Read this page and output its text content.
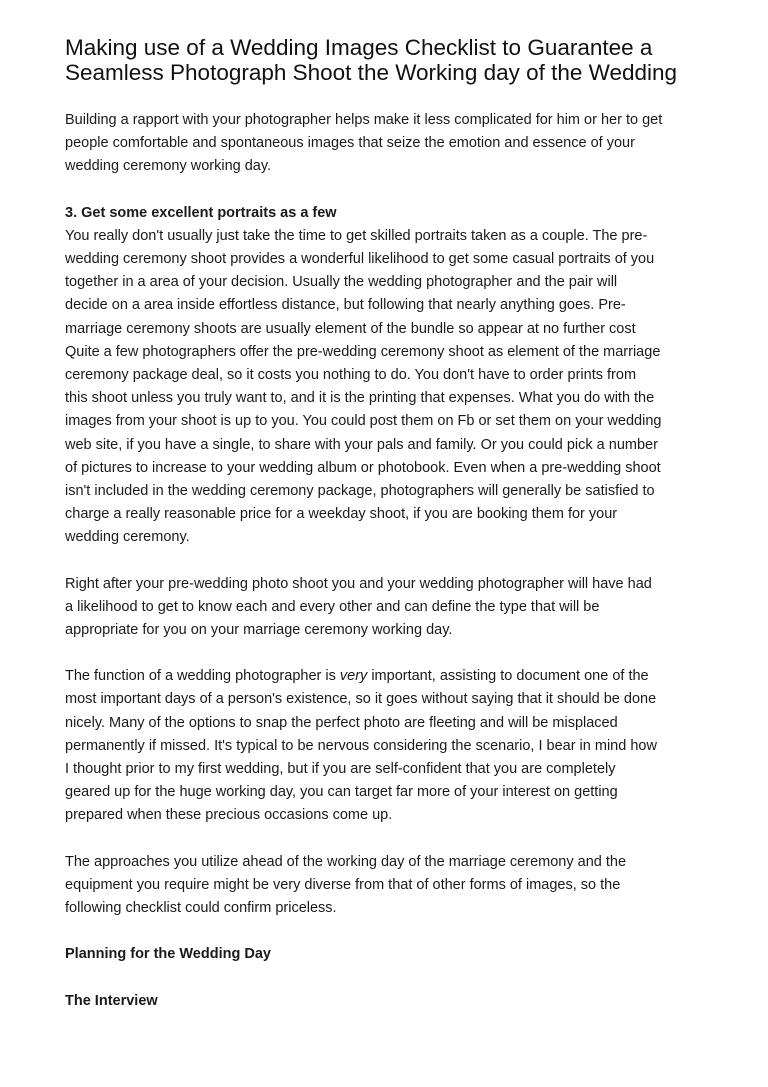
Making use of a Wedding Images Checklist to Guarantee a
Seamless Photograph Shoot the Working day of the Wedding

Building a rapport with your photographer helps make it less complicated for him or her to get
people comfortable and spontaneous images that seize the emotion and essence of your
wedding ceremony working day.

3. Get some excellent portraits as a few

You really don't usually just take the time to get skilled portraits taken as a couple. The pre-
wedding ceremony shoot provides a wonderful likelihood to get some casual portraits of you
together in a area of your decision. Usually the wedding photographer and the pair will
decide on a area inside effortless distance, but following that nearly anything goes. Pre-
marriage ceremony shoots are usually element of the bundle so appear at no further cost
Quite a few photographers offer the pre-wedding ceremony shoot as element of the marriage
ceremony package deal, so it costs you nothing to do. You don't have to order prints from
this shoot unless you truly want to, and it is the printing that expenses. What you do with the
images from your shoot is up to you. You could post them on Fb or set them on your wedding
web site, if you have a single, to share with your pals and family. Or you could pick a number
of pictures to increase to your wedding album or photobook. Even when a pre-wedding shoot
isn't included in the wedding ceremony package, photographers will generally be satisfied to
charge a really reasonable price for a weekday shoot, if you are booking them for your
wedding ceremony.

Right after your pre-wedding photo shoot you and your wedding photographer will have had
a likelihood to get to know each and every other and can define the type that will be
appropriate for you on your marriage ceremony working day.

The function of a wedding photographer is very important, assisting to document one of the
most important days of a person's existence, so it goes without saying that it should be done
nicely. Many of the options to snap the perfect photo are fleeting and will be misplaced
permanently if missed. It's typical to be nervous considering the scenario, I bear in mind how
I thought prior to my first wedding, but if you are self-confident that you are completely
geared up for the huge working day, you can target far more of your interest on getting
prepared when these precious occasions come up.

The approaches you utilize ahead of the working day of the marriage ceremony and the
equipment you require might be very diverse from that of other forms of images, so the
following checklist could confirm priceless.

Planning for the Wedding Day

The Interview
